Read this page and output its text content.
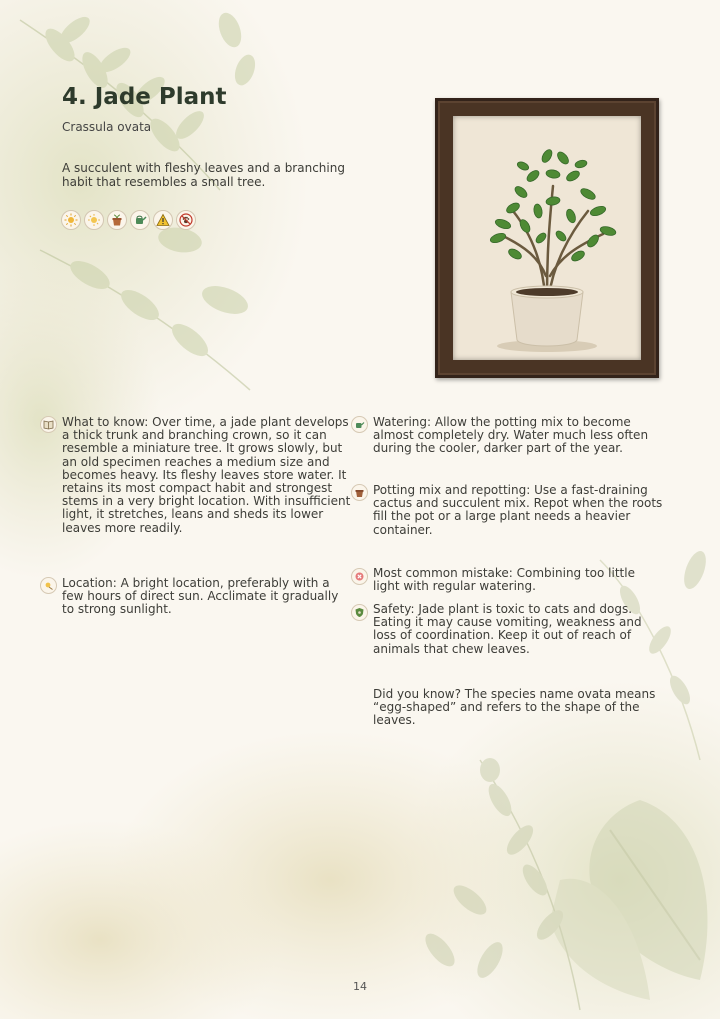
4. Jade Plant
Crassula ovata
A succulent with fleshy leaves and a branching habit that resembles a small tree.
What to know: Over time, a jade plant develops a thick trunk and branching crown, so it can resemble a miniature tree. It grows slowly, but an old specimen reaches a medium size and becomes heavy. Its fleshy leaves store water. It retains its most compact habit and strongest stems in a very bright location. With insufficient light, it stretches, leans and sheds its lower leaves more readily.
Location: A bright location, preferably with a few hours of direct sun. Acclimate it gradually to strong sunlight.
Watering: Allow the potting mix to become almost completely dry. Water much less often during the cooler, darker part of the year.
Potting mix and repotting: Use a fast-draining cactus and succulent mix. Repot when the roots fill the pot or a large plant needs a heavier container.
Most common mistake: Combining too little light with regular watering.
Safety: Jade plant is toxic to cats and dogs. Eating it may cause vomiting, weakness and loss of coordination. Keep it out of reach of animals that chew leaves.
Did you know? The species name ovata means “egg-shaped” and refers to the shape of the leaves.
14
